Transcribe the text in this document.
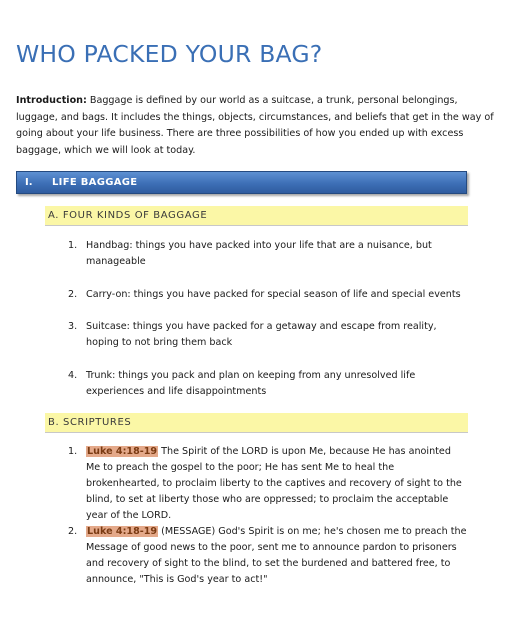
WHO PACKED YOUR BAG?

Introduction: Baggage is defined by our world as a suitcase, a trunk, personal belongings, luggage, and bags. It includes the things, objects, circumstances, and beliefs that get in the way of going about your life business. There are three possibilities of how you ended up with excess baggage, which we will look at today.

I. LIFE BAGGAGE
A. FOUR KINDS OF BAGGAGE
1. Handbag: things you have packed into your life that are a nuisance, but manageable
2. Carry-on: things you have packed for special season of life and special events
3. Suitcase: things you have packed for a getaway and escape from reality, hoping to not bring them back
4. Trunk: things you pack and plan on keeping from any unresolved life experiences and life disappointments
B. SCRIPTURES
1.	Luke 4:18-19 The Spirit of the LORD is upon Me, because He has anointed Me to preach the gospel to the poor; He has sent Me to heal the brokenhearted, to proclaim liberty to the captives and recovery of sight to the blind, to set at liberty those who are oppressed; to proclaim the acceptable year of the LORD.
2.	Luke 4:18-19 (MESSAGE) God's Spirit is on me; he's chosen me to preach the Message of good news to the poor, sent me to announce pardon to prisoners and recovery of sight to the blind, to set the burdened and battered free, to announce, "This is God's year to act!"
